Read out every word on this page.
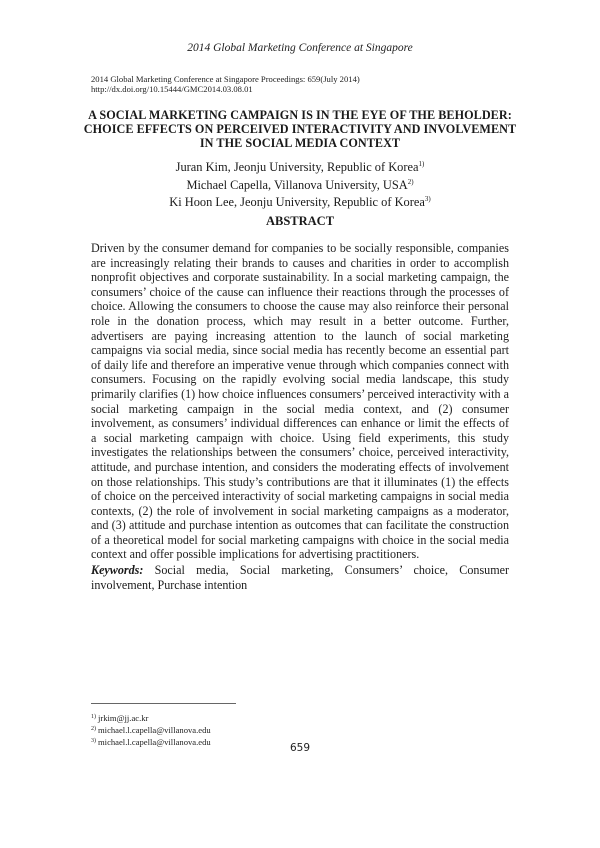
2014 Global Marketing Conference at Singapore
2014 Global Marketing Conference at Singapore Proceedings: 659(July 2014)
http://dx.doi.org/10.15444/GMC2014.03.08.01
A SOCIAL MARKETING CAMPAIGN IS IN THE EYE OF THE BEHOLDER: CHOICE EFFECTS ON PERCEIVED INTERACTIVITY AND INVOLVEMENT IN THE SOCIAL MEDIA CONTEXT
Juran Kim, Jeonju University, Republic of Korea$^{1)}$
Michael Capella, Villanova University, USA$^{2)}$
Ki Hoon Lee, Jeonju University, Republic of Korea$^{3)}$
ABSTRACT

Driven by the consumer demand for companies to be socially responsible, companies are increasingly relating their brands to causes and charities in order to accomplish nonprofit objectives and corporate sustainability. In a social marketing campaign, the consumers’ choice of the cause can influence their reactions through the processes of choice. Allowing the consumers to choose the cause may also reinforce their personal role in the donation process, which may result in a better outcome. Further, advertisers are paying increasing attention to the launch of social marketing campaigns via social media, since social media has recently become an essential part of daily life and therefore an imperative venue through which companies connect with consumers. Focusing on the rapidly evolving social media landscape, this study primarily clarifies (1) how choice influences consumers’ perceived interactivity with a social marketing campaign in the social media context, and (2) consumer involvement, as consumers’ individual differences can enhance or limit the effects of a social marketing campaign with choice. Using field experiments, this study investigates the relationships between the consumers’ choice, perceived interactivity, attitude, and purchase intention, and considers the moderating effects of involvement on those relationships. This study’s contributions are that it illuminates (1) the effects of choice on the perceived interactivity of social marketing campaigns in social media contexts, (2) the role of involvement in social marketing campaigns as a moderator, and (3) attitude and purchase intention as outcomes that can facilitate the construction of a theoretical model for social marketing campaigns with choice in the social media context and offer possible implications for advertising practitioners.

Keywords: Social media, Social marketing, Consumers’ choice, Consumer involvement, Purchase intention

$^{1)}$ jrkim@jj.ac.kr
$^{2)}$ michael.l.capella@villanova.edu
$^{3)}$ michael.l.capella@villanova.edu	659
